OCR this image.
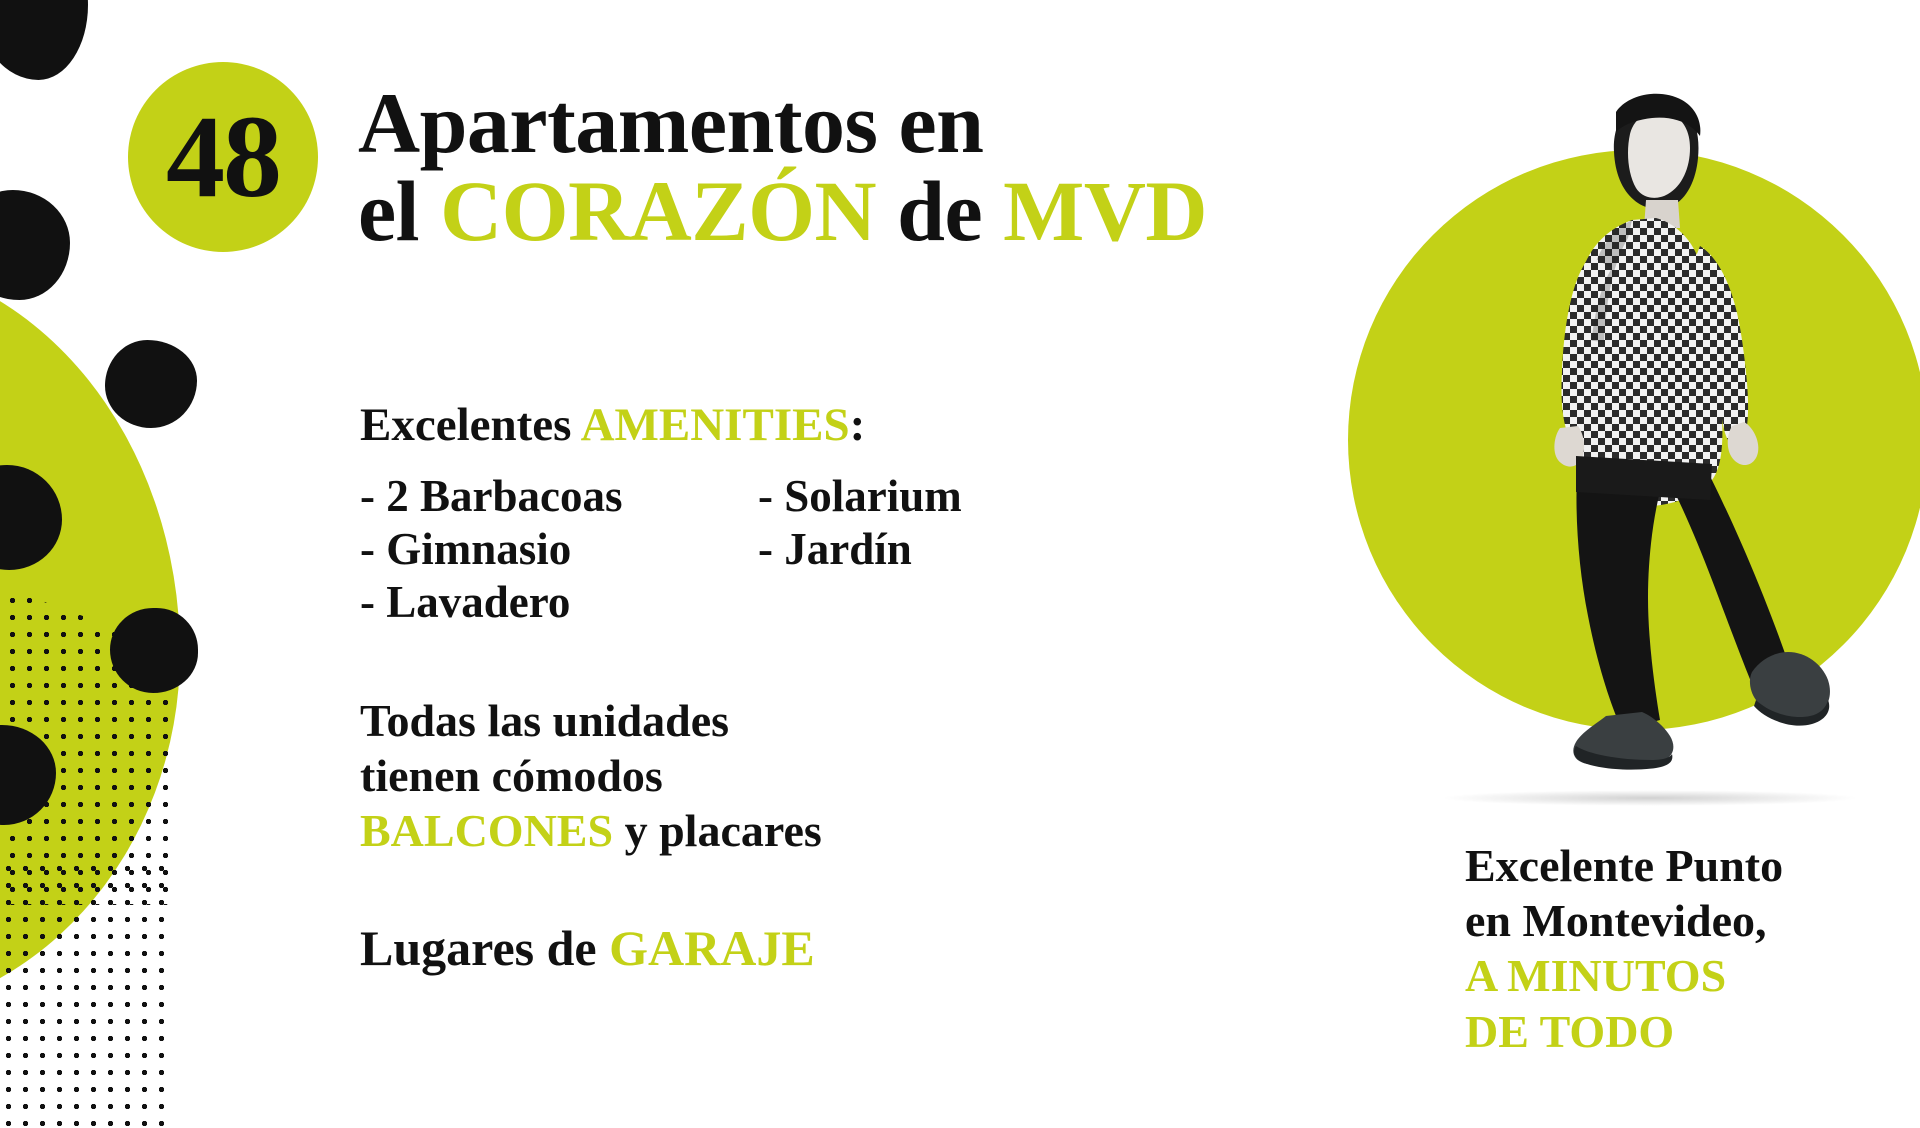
48 Apartamentos en
el CORAZÓN de MVD
Excelentes AMENITIES:
- 2 Barbacoas
- Gimnasio
- Lavadero
- Solarium
- Jardín
Todas las unidades
tienen cómodos
BALCONES y placares
Lugares de GARAJE
Excelente Punto
en Montevideo,
A MINUTOS
DE TODO
